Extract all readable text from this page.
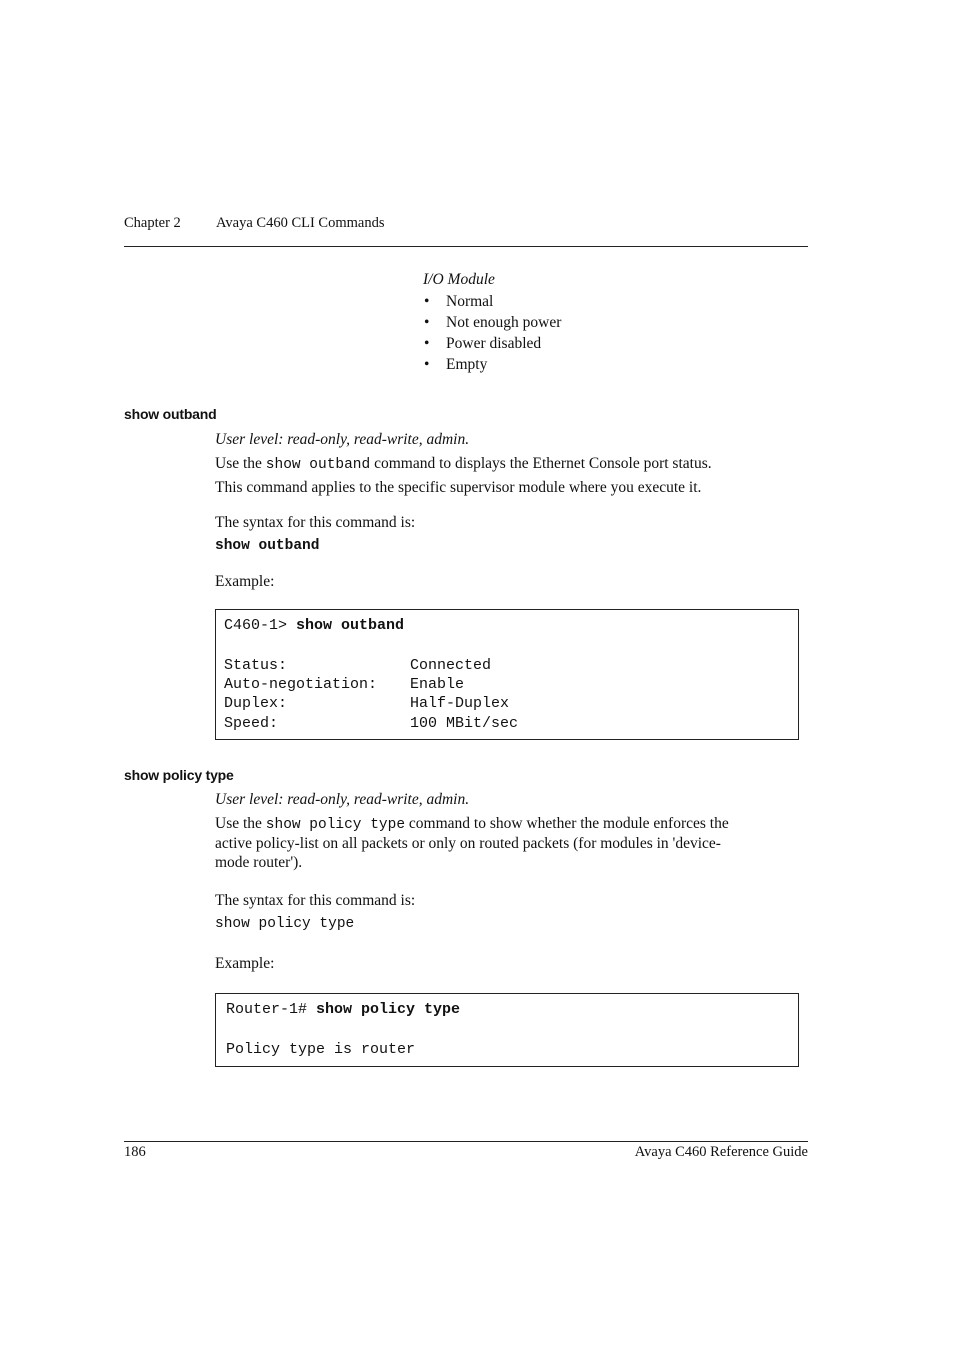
Chapter 2 Avaya C460 CLI Commands
I/O Module
• Normal
• Not enough power
• Power disabled
• Empty
show outband
User level: read-only, read-write, admin.
Use the show outband command to displays the Ethernet Console port status.
This command applies to the specific supervisor module where you execute it.
The syntax for this command is:
show outband
Example:
C460-1> show outband
Status:	Connected
Auto-negotiation: Enable
Duplex:	Half-Duplex
Speed:	100 MBit/sec
show policy type
User level: read-only, read-write, admin.
Use the show policy type command to show whether the module enforces the
active policy-list on all packets or only on routed packets (for modules in 'device-
mode router').
The syntax for this command is:
show policy type
Example:
Router-1# show policy type
Policy type is router
186	Avaya C460 Reference Guide
